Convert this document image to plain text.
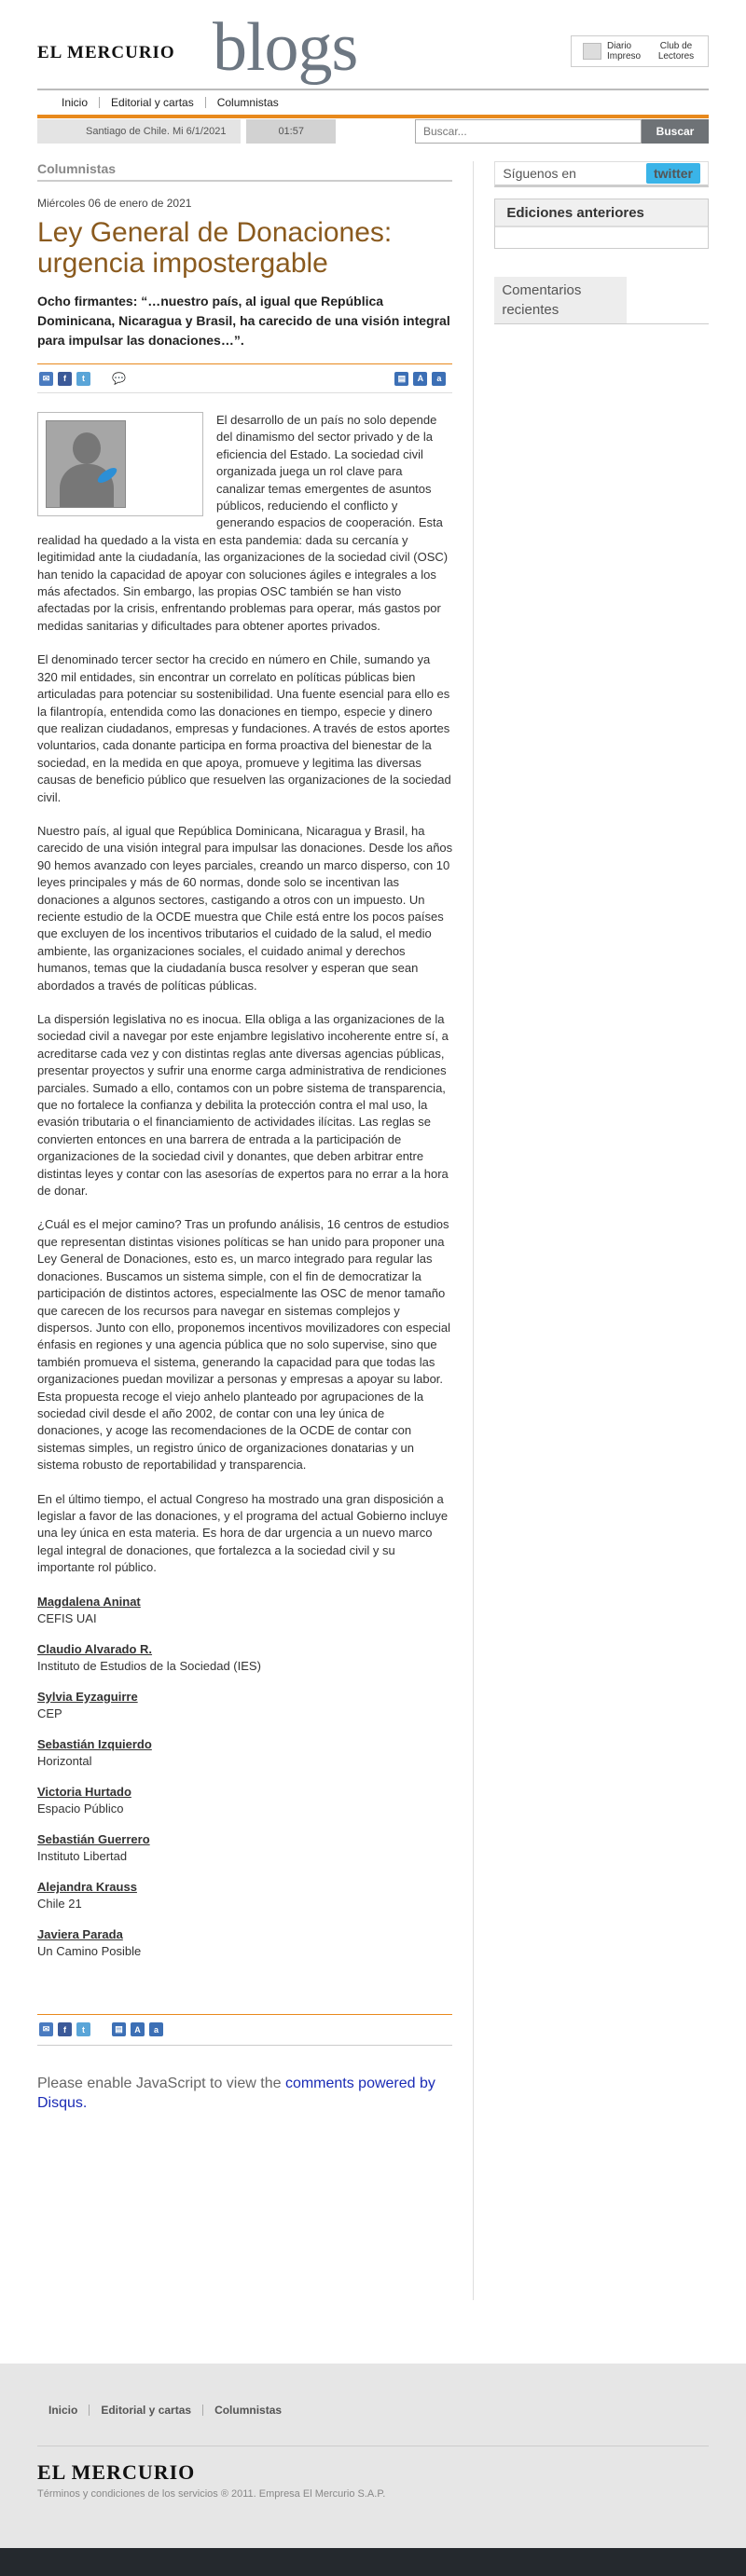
EL MERCURIO blogs	Diario Impreso
Club de Lectores
Inicio	Editorial y cartas	Columnistas
Santiago de Chile. Mi 6/1/2021	01:57
Buscar...	Buscar
Columnistas
Miércoles 06 de enero de 2021
Ley General de Donaciones: urgencia impostergable
Ocho firmantes: “…nuestro país, al igual que República Dominicana, Nicaragua y Brasil, ha carecido de una visión integral para impulsar las donaciones…”.
✉	f	t	💬	▤	A	a

El desarrollo de un país no solo depende del dinamismo del sector privado y de la eficiencia del Estado. La sociedad civil organizada juega un rol clave para canalizar temas emergentes de asuntos públicos, reduciendo el conflicto y generando espacios de cooperación. Esta realidad ha quedado a la vista en esta pandemia: dada su cercanía y legitimidad ante la ciudadanía, las organizaciones de la sociedad civil (OSC) han tenido la capacidad de apoyar con soluciones ágiles e integrales a los más afectados. Sin embargo, las propias OSC también se han visto afectadas por la crisis, enfrentando problemas para operar, más gastos por medidas sanitarias y dificultades para obtener aportes privados.

El denominado tercer sector ha crecido en número en Chile, sumando ya 320 mil entidades, sin encontrar un correlato en políticas públicas bien articuladas para potenciar su sostenibilidad. Una fuente esencial para ello es la filantropía, entendida como las donaciones en tiempo, especie y dinero que realizan ciudadanos, empresas y fundaciones. A través de estos aportes voluntarios, cada donante participa en forma proactiva del bienestar de la sociedad, en la medida en que apoya, promueve y legitima las diversas causas de beneficio público que resuelven las organizaciones de la sociedad civil.

Nuestro país, al igual que República Dominicana, Nicaragua y Brasil, ha carecido de una visión integral para impulsar las donaciones. Desde los años 90 hemos avanzado con leyes parciales, creando un marco disperso, con 10 leyes principales y más de 60 normas, donde solo se incentivan las donaciones a algunos sectores, castigando a otros con un impuesto. Un reciente estudio de la OCDE muestra que Chile está entre los pocos países que excluyen de los incentivos tributarios el cuidado de la salud, el medio ambiente, las organizaciones sociales, el cuidado animal y derechos humanos, temas que la ciudadanía busca resolver y esperan que sean abordados a través de políticas públicas.

La dispersión legislativa no es inocua. Ella obliga a las organizaciones de la sociedad civil a navegar por este enjambre legislativo incoherente entre sí, a acreditarse cada vez y con distintas reglas ante diversas agencias públicas, presentar proyectos y sufrir una enorme carga administrativa de rendiciones parciales. Sumado a ello, contamos con un pobre sistema de transparencia, que no fortalece la confianza y debilita la protección contra el mal uso, la evasión tributaria o el financiamiento de actividades ilícitas. Las reglas se convierten entonces en una barrera de entrada a la participación de organizaciones de la sociedad civil y donantes, que deben arbitrar entre distintas leyes y contar con las asesorías de expertos para no errar a la hora de donar.

¿Cuál es el mejor camino? Tras un profundo análisis, 16 centros de estudios que representan distintas visiones políticas se han unido para proponer una Ley General de Donaciones, esto es, un marco integrado para regular las donaciones. Buscamos un sistema simple, con el fin de democratizar la participación de distintos actores, especialmente las OSC de menor tamaño que carecen de los recursos para navegar en sistemas complejos y dispersos. Junto con ello, proponemos incentivos movilizadores con especial énfasis en regiones y una agencia pública que no solo supervise, sino que también promueva el sistema, generando la capacidad para que todas las organizaciones puedan movilizar a personas y empresas a apoyar su labor. Esta propuesta recoge el viejo anhelo planteado por agrupaciones de la sociedad civil desde el año 2002, de contar con una ley única de donaciones, y acoge las recomendaciones de la OCDE de contar con sistemas simples, un registro único de organizaciones donatarias y un sistema robusto de reportabilidad y transparencia.

En el último tiempo, el actual Congreso ha mostrado una gran disposición a legislar a favor de las donaciones, y el programa del actual Gobierno incluye una ley única en esta materia. Es hora de dar urgencia a un nuevo marco legal integral de donaciones, que fortalezca a la sociedad civil y su importante rol público.

Magdalena Aninat
CEFIS UAI
Claudio Alvarado R.
Instituto de Estudios de la Sociedad (IES)
Sylvia Eyzaguirre
CEP
Sebastián Izquierdo
Horizontal
Victoria Hurtado
Espacio Público
Sebastián Guerrero
Instituto Libertad
Alejandra Krauss
Chile 21
Javiera Parada
Un Camino Posible
✉	f	t	▤	A	a
Please enable JavaScript to view the comments powered by Disqus.
Síguenos en	twitter
Ediciones anteriores
Comentarios recientes
Inicio	Editorial y cartas	Columnistas
EL MERCURIO
Términos y condiciones de los servicios ® 2011. Empresa El Mercurio S.A.P.
